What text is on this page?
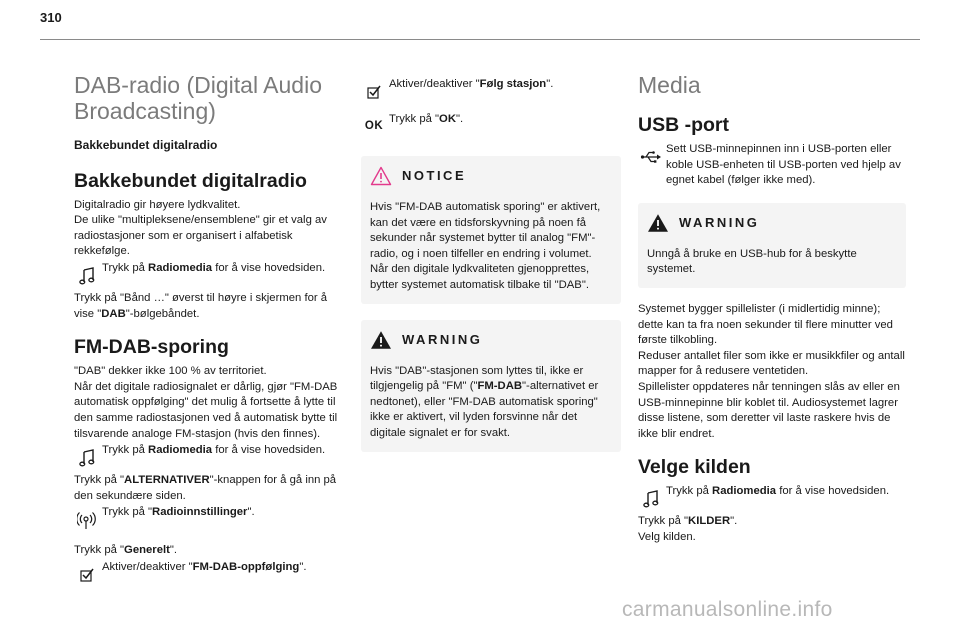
310
DAB-radio (Digital Audio Broadcasting)
Bakkebundet digitalradio
Bakkebundet digitalradio

Digitalradio gir høyere lydkvalitet.

De ulike "multipleksene/ensemblene" gir et valg av radiostasjoner som er organisert i alfabetisk rekkefølge.

Trykk på Radiomedia for å vise hovedsiden.

Trykk på "Bånd …" øverst til høyre i skjermen for å vise "DAB"-bølgebåndet.

FM-DAB-sporing

"DAB" dekker ikke 100 % av territoriet.

Når det digitale radiosignalet er dårlig, gjør "FM-DAB automatisk oppfølging" det mulig å fortsette å lytte til den samme radiostasjonen ved å automatisk bytte til tilsvarende analoge FM-stasjon (hvis den finnes).

Trykk på Radiomedia for å vise hovedsiden.

Trykk på "ALTERNATIVER"-knappen for å gå inn på den sekundære siden.

Trykk på "Radioinnstillinger".

Trykk på "Generelt".

Aktiver/deaktiver "FM-DAB-oppfølging".
Aktiver/deaktiver "Følg stasjon".
OK
Trykk på "OK".
NOTICE

Hvis "FM-DAB automatisk sporing" er aktivert, kan det være en tidsforskyvning på noen få sekunder når systemet bytter til analog "FM"-radio, og i noen tilfeller en endring i volumet.

Når den digitale lydkvaliteten gjenopprettes, bytter systemet automatisk tilbake til "DAB".

WARNING

Hvis "DAB"-stasjonen som lyttes til, ikke er tilgjengelig på "FM" ("FM-DAB"-alternativet er nedtonet), eller "FM-DAB automatisk sporing" ikke er aktivert, vil lyden forsvinne når det digitale signalet er for svakt.

Media
USB -port
Sett USB-minnepinnen inn i USB-porten eller koble USB-enheten til USB-porten ved hjelp av egnet kabel (følger ikke med).
WARNING

Unngå å bruke en USB-hub for å beskytte systemet.

Systemet bygger spillelister (i midlertidig minne); dette kan ta fra noen sekunder til flere minutter ved første tilkobling.

Reduser antallet filer som ikke er musikkfiler og antall mapper for å redusere ventetiden.

Spillelister oppdateres når tenningen slås av eller en USB-minnepinne blir koblet til. Audiosystemet lagrer disse listene, som deretter vil laste raskere hvis de ikke blir endret.

Velge kilden
Trykk på Radiomedia for å vise hovedsiden.

Trykk på "KILDER".

Velg kilden.

carmanualsonline.info
